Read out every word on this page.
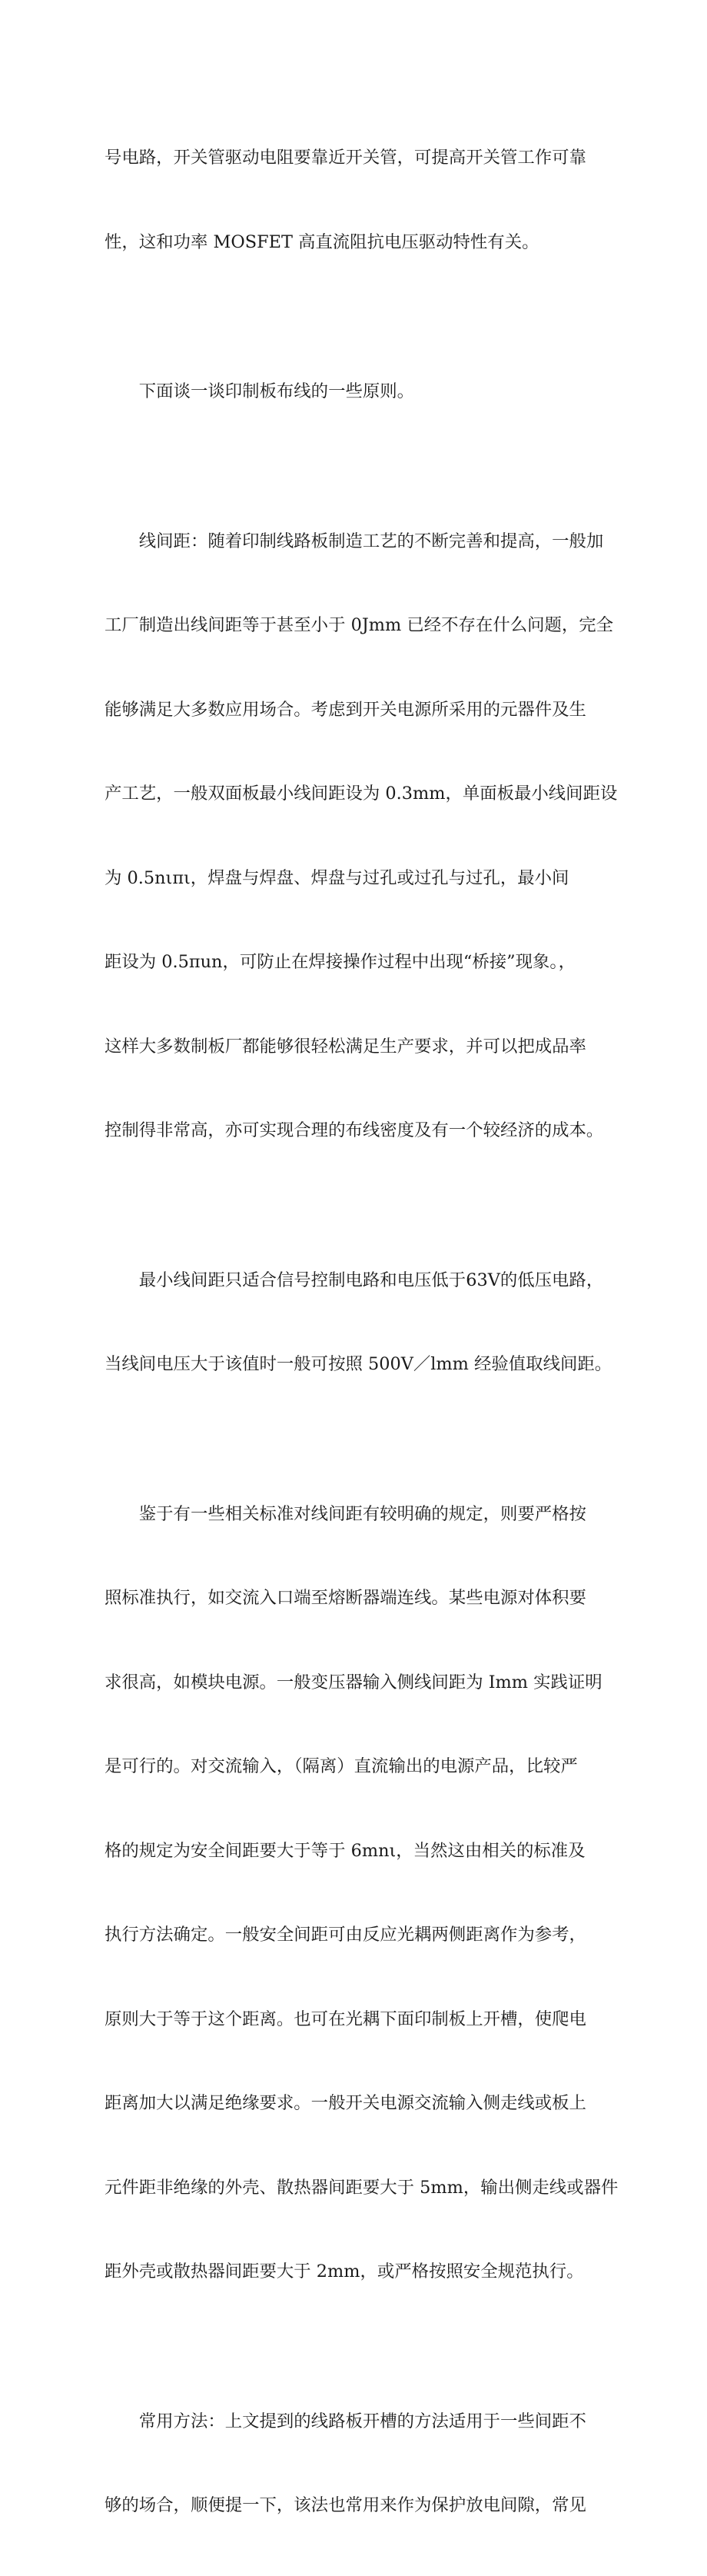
号电路，开关管驱动电阻要靠近开关管，可提高开关管工作可靠

性，这和功率 MOSFET 高直流阻抗电压驱动特性有关。

　　下面谈一谈印制板布线的一些原则。

　　线间距：随着印制线路板制造工艺的不断完善和提高，一般加

工厂制造出线间距等于甚至小于 0Jmm 已经不存在什么问题，完全

能够满足大多数应用场合。考虑到开关电源所采用的元器件及生

产工艺，一般双面板最小线间距设为 0.3mm，单面板最小线间距设

为 0.5nιπι，焊盘与焊盘、焊盘与过孔或过孔与过孔，最小间

距设为 0.5πun，可防止在焊接操作过程中出现“桥接”现象。，

这样大多数制板厂都能够很轻松满足生产要求，并可以把成品率

控制得非常高，亦可实现合理的布线密度及有一个较经济的成本。

　　最小线间距只适合信号控制电路和电压低于63V的低压电路，

当线间电压大于该值时一般可按照 500V／lmm 经验值取线间距。

　　鉴于有一些相关标准对线间距有较明确的规定，则要严格按

照标准执行，如交流入口端至熔断器端连线。某些电源对体积要

求很高，如模块电源。一般变压器输入侧线间距为 Imm 实践证明

是可行的。对交流输入，（隔离）直流输出的电源产品，比较严

格的规定为安全间距要大于等于 6mnι，当然这由相关的标准及

执行方法确定。一般安全间距可由反应光耦两侧距离作为参考，

原则大于等于这个距离。也可在光耦下面印制板上开槽，使爬电

距离加大以满足绝缘要求。一般开关电源交流输入侧走线或板上

元件距非绝缘的外壳、散热器间距要大于 5mm，输出侧走线或器件

距外壳或散热器间距要大于 2mm，或严格按照安全规范执行。

　　常用方法：上文提到的线路板开槽的方法适用于一些间距不

够的场合，顺便提一下，该法也常用来作为保护放电间隙，常见
